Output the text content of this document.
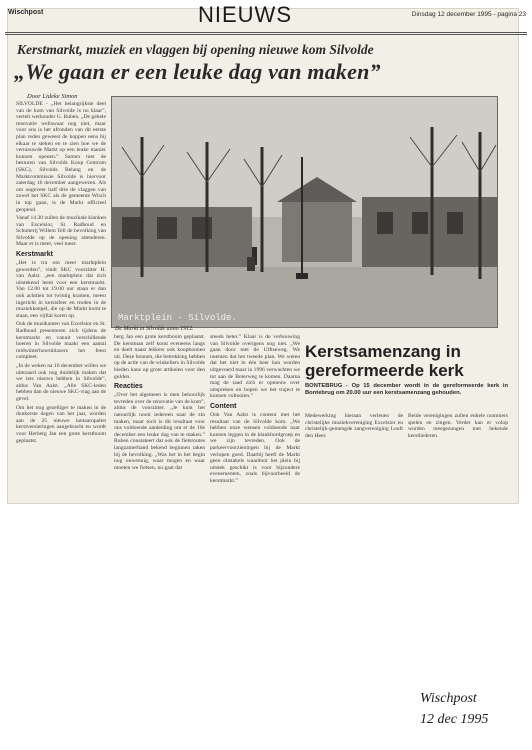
Wischpost	NIEUWS	Dinsdag 12 december 1995 - pagina 23
Kerstmarkt, muziek en vlaggen bij opening nieuwe kom Silvolde
„We gaan er een leuke dag van maken”
Door Lideke Simon

SILVOLDE - „Het belangrijkste deel van de kom van Silvolde is nu klaar”, vertelt wethouder G. Ruben. „De gehele renovatie weliswaar nog niet, maar voor ons is het afronden van dit eerste plan reden geweest de koppen eens bij elkaar te steken en te zien hoe we de vernieuwde Markt op een leuke manier kunnen openen.” Samen met de besturen van Silvolds Koop Centrum (SKC), Silvolds Belang en de Marktcommissie Silvolde is hiervoor zaterdag 16 december aangewezen. Als om ongeveer half drie de vlaggen van zowel het SKC als de gemeente Wisch in top gaan, is de Markt officieel geopend.

Vanaf 14.30 zullen de muzikale klanken van Excelsior, St. Radboud en Schutterij Willem Tell de bevolking van Silvolde op de opening attenderen. Maar er is meer, veel meer.

Kerstmarkt

„Het is tra om meer marktplein gewerden”, vindt SKC voorzitter H. van Aalst. „een marktplein dat zich uitstekend leent voor een kerstmarkt. Van 12.00 tot 19.00 uur staan er dan ook achttien tot twintig kramen, meest ingericht in kerstsfeer en troden in de muziekkoepel, die op de Markt komt te staan, een vijftal koren op.

Ook de muzikanten van Excelsior en St. Radboud presenteren zich tijdens de kerstmarkt en vanuit verschillende hoeren in Silvolde maakt een aantal midwinterhoornblazers het feest compleet.

„In de weken na 16 december willen we uiteraard ook nog duidelijk maken dat we iets nieuws hebben in Silvolde”, aldus Van Aalst. „Alle SKC-leden hebben dan de nieuwe SKC-vlag aan de gevel.

Om het nog gezelliger te maken in de donkerste dagen van het jaar, worden aan de 25 nieuwe lantaarnpalen kerstversieringen aangebracht en wordt voor Herberg Jan een grote kerstboom geplaatst.

Marktplein - Silvolde.
De Markt in Silvolde anno 1912.

berg Jan een grote kerstboom geplaatst. De kerstman zelf komt eveneens langs en deelt naast lekkers ook koopbonnen uit. Deze bonnen, die betrekking hebben op de actie van de winkeliers in Silvolde bieden kans op grote artikelen voor den gulden.

Reacties

„Over het algemeen is men behoorlijk tevreden over de renovatie van de kom”, aldus de voorzitter. „Je kunt het natuurlijk nooit iedereen naar de zin maken, maar toch is dit resultaat voor ons voldoende aanleiding om er de 16e december een leuke dag van te maken.” Ruben constateert dat ook de fietsroutes langzamerhand bekend beginnen raken bij de bevolking. „Was het in het begin nog onwennig, waar mogen en waar moeten we fietsen, nu gaat dat

steeds beter.” Klaar is de verbouwing van Silvolde overigens nog niet. „We gaan door met de Ulftseweg. We noemen dat het tweede plan. We weten dat het niet in één keer kan worden uitgevoerd maar in 1996 verwachten we tot aan de Boterweg te komen. Daarna mag de raad zich er opnieuw over uitspreken en hopen we het traject te kunnen voltooien.”

Content

Ook Van Aalst is content met het resultaat van de Silvolde kom. „We hebben onze wensen voldoende naar kunnen leggen in de klankbordgroep en we zijn tevreden. Ook de parkeervoorzieningen bij de Markt verlopen goed. Daarbij heeft de Markt geen obstakels waardoor het plein bij uitstek geschikt is voor bijzondere evenementen, zoals bijvoorbeeld de kerstmarkt.”

Kerstsamenzang in gereformeerde kerk
BONTEBRUG - Op 15 december wordt in de gereformeerde kerk in Bontebrug om 20.00 uur een kerstsamenzang gehouden.

Medewerking hieraan verlenen de christelijke muziekvereniging Excelsior en christelijk-gemengde zangvereniging Looft den Heer.

Beide verenigingen zullen enkele nummers spelen en zingen. Verder kan er volop worden meegezongen met bekende kerstliederen.

Wischpost
12 dec 1995
